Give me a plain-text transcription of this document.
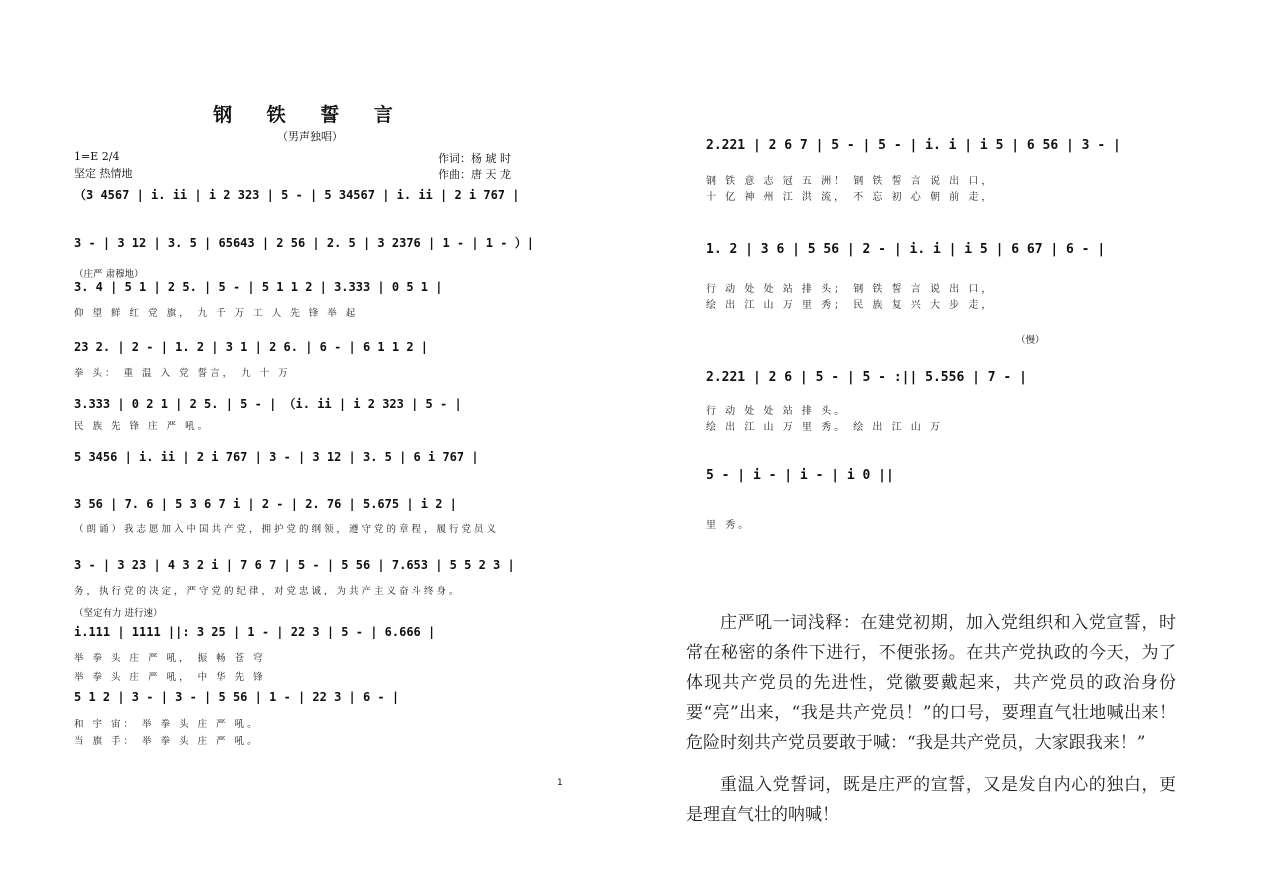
钢 铁 誓 言
（男声独唱）
1=E 2/4
坚定 热情地
作词：杨 琥 时
作曲：唐 天 龙
（3 4567 | i. ii | i 2 323 | 5 - | 5 34567 | i. ii | 2 i 767 |
3 - | 3 12 | 3. 5 | 65643 | 2 56 | 2. 5 | 3 2376 | 1 - | 1 - ）|
（庄严 肃穆地）
3. 4 | 5 1 | 2 5. | 5 - | 5 1 1 2 | 3.333 | 0 5 1 |
仰 望 鲜 红 党 旗， 九 千 万 工 人 先 锋 举 起
23 2. | 2 - | 1. 2 | 3 1 | 2 6. | 6 - | 6 1 1 2 |
拳 头： 重 温 入 党 誓言， 九 十 万
3.333 | 0 2 1 | 2 5. | 5 - | （i. ii | i 2 323 | 5 - |
民 族 先 锋 庄 严 吼。
5 3456 | i. ii | 2 i 767 | 3 - | 3 12 | 3. 5 | 6 i 767 |
3 56 | 7. 6 | 5 3 6 7 i | 2 - | 2. 76 | 5.675 | i 2 |
（朗诵）我志愿加入中国共产党，拥护党的纲领，遵守党的章程，履行党员义
3 - | 3 23 | 4 3 2 i | 7 6 7 | 5 - | 5 56 | 7.653 | 5 5 2 3 |
务，执行党的决定，严守党的纪律，对党忠诚，为共产主义奋斗终身。
（坚定有力 进行速）
i.111 | 1111 ||: 3 25 | 1 - | 22 3 | 5 - | 6.666 |
举 拳 头 庄 严 吼， 振 畅 苍 穹
举 拳 头 庄 严 吼， 中 华 先 锋
5 1 2 | 3 - | 3 - | 5 56 | 1 - | 22 3 | 6 - |
和 宇 宙： 举 拳 头 庄 严 吼。
当 旗 手： 举 拳 头 庄 严 吼。
1
2.221 | 2 6 7 | 5 - | 5 - | i. i | i 5 | 6 56 | 3 - |
钢 铁 意 志 冠 五 洲！ 钢 铁 誓 言 说 出 口，
十 亿 神 州 江 洪 流， 不 忘 初 心 朝 前 走，
1. 2 | 3 6 | 5 56 | 2 - | i. i | i 5 | 6 67 | 6 - |
行 动 处 处 站 排 头； 钢 铁 誓 言 说 出 口，
绘 出 江 山 万 里 秀； 民 族 复 兴 大 步 走，
（慢）
2.221 | 2 6 | 5 - | 5 - :|| 5.556 | 7 - |
行 动 处 处 站 排 头。
绘 出 江 山 万 里 秀。 绘 出 江 山 万
5 - | i - | i - | i 0 ||
里 秀。

庄严吼一词浅释：在建党初期，加入党组织和入党宣誓，时常在秘密的条件下进行，不便张扬。在共产党执政的今天，为了体现共产党员的先进性，党徽要戴起来，共产党员的政治身份要“亮”出来，“我是共产党员！”的口号，要理直气壮地喊出来！危险时刻共产党员要敢于喊：“我是共产党员，大家跟我来！”

重温入党誓词，既是庄严的宣誓，又是发自内心的独白，更是理直气壮的呐喊！
